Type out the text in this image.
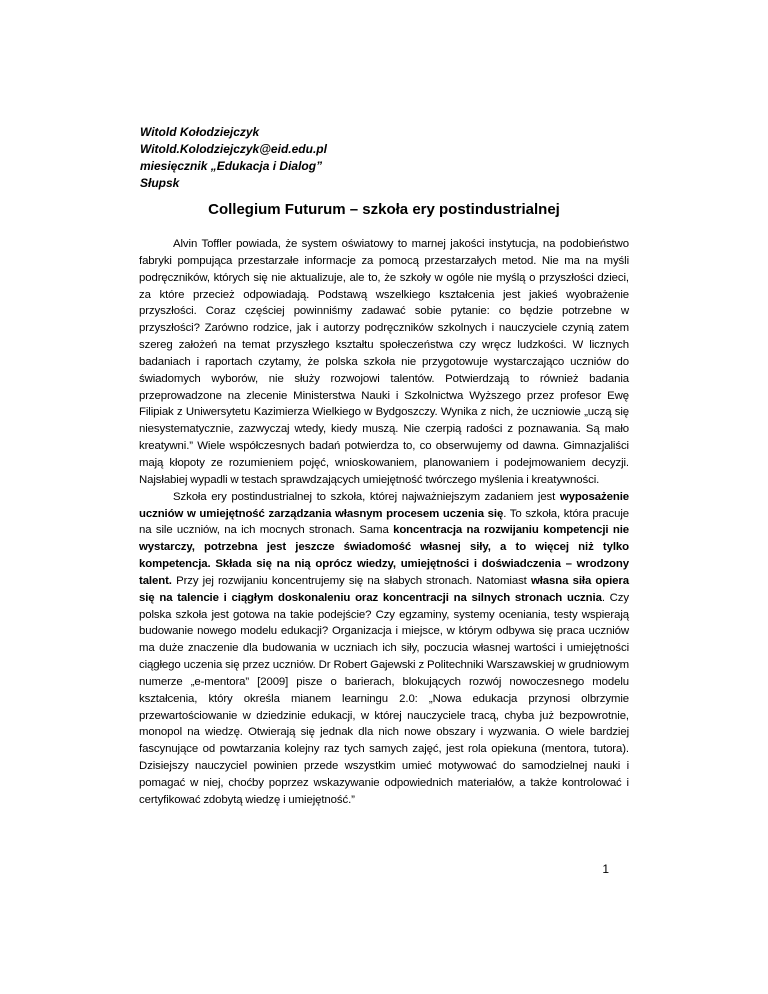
Witold Kołodziejczyk
Witold.Kolodziejczyk@eid.edu.pl
miesięcznik „Edukacja i Dialog”
Słupsk
Collegium Futurum – szkoła ery postindustrialnej

Alvin Toffler powiada, że system oświatowy to marnej jakości instytucja, na podobieństwo fabryki pompująca przestarzałe informacje za pomocą przestarzałych metod. Nie ma na myśli podręczników, których się nie aktualizuje, ale to, że szkoły w ogóle nie myślą o przyszłości dzieci, za które przecież odpowiadają. Podstawą wszelkiego kształcenia jest jakieś wyobrażenie przyszłości. Coraz częściej powinniśmy zadawać sobie pytanie: co będzie potrzebne w przyszłości? Zarówno rodzice, jak i autorzy podręczników szkolnych i nauczyciele czynią zatem szereg założeń na temat przyszłego kształtu społeczeństwa czy wręcz ludzkości. W licznych badaniach i raportach czytamy, że polska szkoła nie przygotowuje wystarczająco uczniów do świadomych wyborów, nie służy rozwojowi talentów. Potwierdzają to również badania przeprowadzone na zlecenie Ministerstwa Nauki i Szkolnictwa Wyższego przez profesor Ewę Filipiak z Uniwersytetu Kazimierza Wielkiego w Bydgoszczy. Wynika z nich, że uczniowie „uczą się niesystematycznie, zazwyczaj wtedy, kiedy muszą. Nie czerpią radości z poznawania. Są mało kreatywni.” Wiele współczesnych badań potwierdza to, co obserwujemy od dawna. Gimnazjaliści mają kłopoty ze rozumieniem pojęć, wnioskowaniem, planowaniem i podejmowaniem decyzji. Najsłabiej wypadli w testach sprawdzających umiejętność twórczego myślenia i kreatywności.

Szkoła ery postindustrialnej to szkoła, której najważniejszym zadaniem jest wyposażenie uczniów w umiejętność zarządzania własnym procesem uczenia się. To szkoła, która pracuje na sile uczniów, na ich mocnych stronach. Sama koncentracja na rozwijaniu kompetencji nie wystarczy, potrzebna jest jeszcze świadomość własnej siły, a to więcej niż tylko kompetencja. Składa się na nią oprócz wiedzy, umiejętności i doświadczenia – wrodzony talent. Przy jej rozwijaniu koncentrujemy się na słabych stronach. Natomiast własna siła opiera się na talencie i ciągłym doskonaleniu oraz koncentracji na silnych stronach ucznia. Czy polska szkoła jest gotowa na takie podejście? Czy egzaminy, systemy oceniania, testy wspierają budowanie nowego modelu edukacji? Organizacja i miejsce, w którym odbywa się praca uczniów ma duże znaczenie dla budowania w uczniach ich siły, poczucia własnej wartości i umiejętności ciągłego uczenia się przez uczniów. Dr Robert Gajewski z Politechniki Warszawskiej w grudniowym numerze „e-mentora” [2009] pisze o barierach, blokujących rozwój nowoczesnego modelu kształcenia, który określa mianem learningu 2.0: „Nowa edukacja przynosi olbrzymie przewartościowanie w dziedzinie edukacji, w której nauczyciele tracą, chyba już bezpowrotnie, monopol na wiedzę. Otwierają się jednak dla nich nowe obszary i wyzwania. O wiele bardziej fascynujące od powtarzania kolejny raz tych samych zajęć, jest rola opiekuna (mentora, tutora). Dzisiejszy nauczyciel powinien przede wszystkim umieć motywować do samodzielnej nauki i pomagać w niej, choćby poprzez wskazywanie odpowiednich materiałów, a także kontrolować i certyfikować zdobytą wiedzę i umiejętność.”

1
